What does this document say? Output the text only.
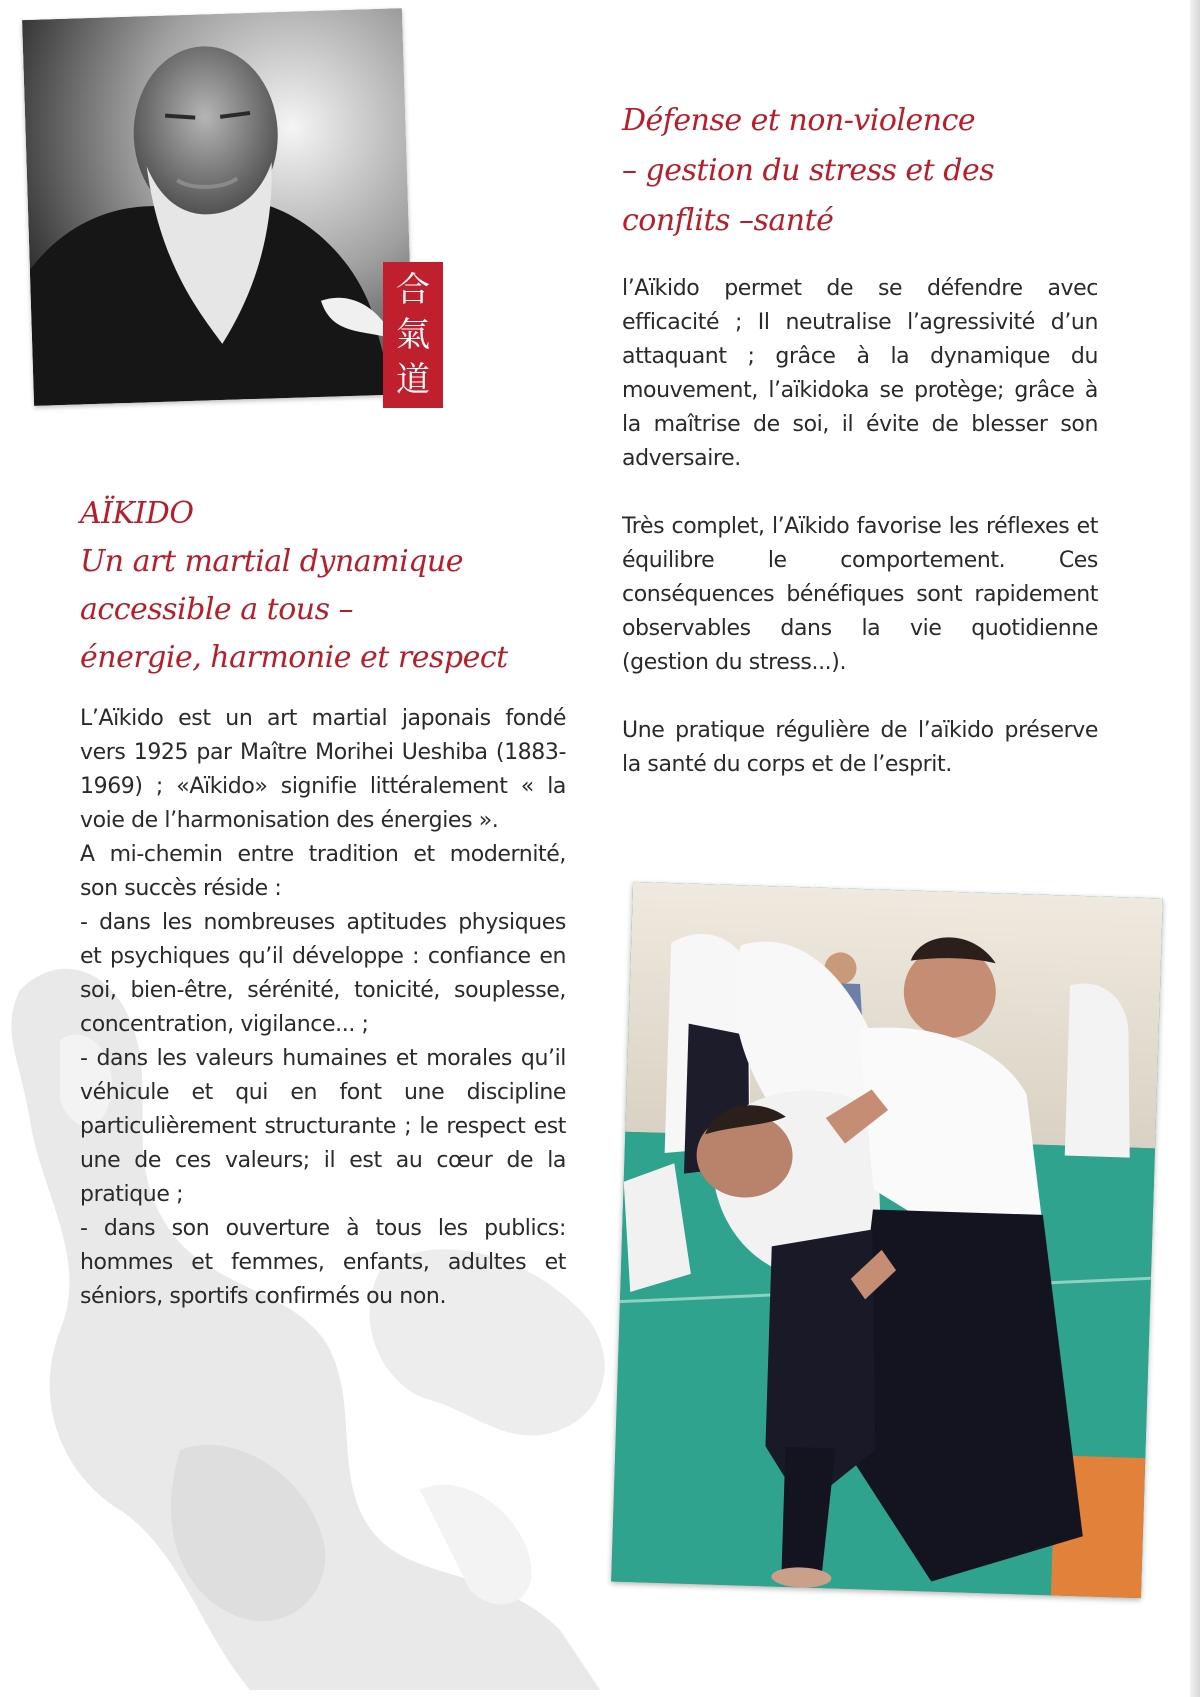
合
氣
道
Défense et non-violence
– gestion du stress et des
conflits –santé

l’Aïkido permet de se défendre avec efficacité ; Il neutralise l’agressivité d’un attaquant ; grâce à la dynamique du mouvement, l’aïkidoka se protège; grâce à la maîtrise de soi, il évite de blesser son adversaire.

Très complet, l’Aïkido favorise les réflexes et équilibre le comportement. Ces conséquences bénéfiques sont rapidement observables dans la vie quotidienne (gestion du stress...).

Une pratique régulière de l’aïkido préserve la santé du corps et de l’esprit.

AÏKIDO
Un art martial dynamique
accessible a tous –
énergie, harmonie et respect

L’Aïkido est un art martial japonais fondé vers 1925 par Maître Morihei Ueshiba (1883-1969) ; «Aïkido» signifie littéralement « la voie de l’harmonisation des énergies ».

A mi-chemin entre tradition et modernité, son succès réside :

- dans les nombreuses aptitudes physiques et psychiques qu’il développe : confiance en soi, bien-être, sérénité, tonicité, souplesse, concentration, vigilance... ;

- dans les valeurs humaines et morales qu’il véhicule et qui en font une discipline particulièrement structurante ; le respect est une de ces valeurs; il est au cœur de la pratique ;

- dans son ouverture à tous les publics: hommes et femmes, enfants, adultes et séniors, sportifs confirmés ou non.
